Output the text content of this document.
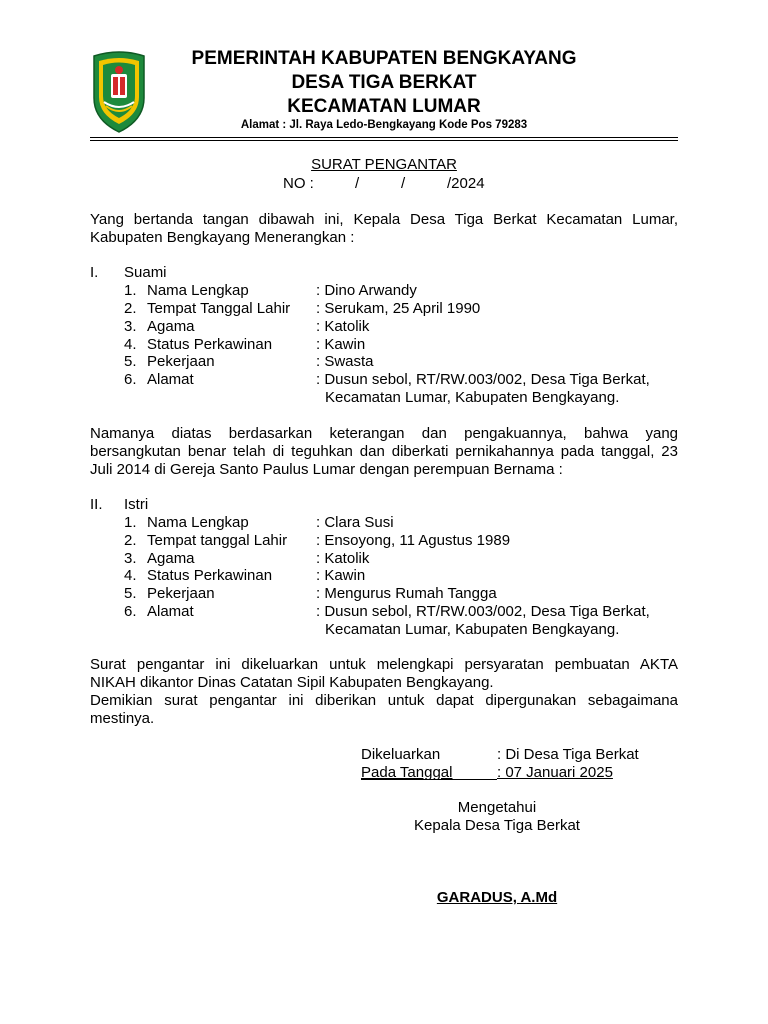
PEMERINTAH KABUPATEN BENGKAYANG
DESA TIGA BERKAT
KECAMATAN LUMAR
Alamat : Jl. Raya Ledo-Bengkayang Kode Pos 79283
SURAT PENGANTAR
NO :	/	/	/2024
Yang bertanda tangan dibawah ini, Kepala Desa Tiga Berkat Kecamatan Lumar,
Kabupaten Bengkayang Menerangkan :
I. Suami
1. Nama Lengkap	: Dino Arwandy
2. Tempat Tanggal Lahir : Serukam, 25 April 1990
3. Agama	: Katolik
4. Status Perkawinan	: Kawin
5. Pekerjaan	: Swasta
6. Alamat	: Dusun sebol, RT/RW.003/002, Desa Tiga Berkat,
Kecamatan Lumar, Kabupaten Bengkayang.
Namanya diatas berdasarkan keterangan dan pengakuannya, bahwa yang
bersangkutan benar telah di teguhkan dan diberkati pernikahannya pada tanggal, 23
Juli 2014 di Gereja Santo Paulus Lumar dengan perempuan Bernama :
II. Istri
1. Nama Lengkap	: Clara Susi
2. Tempat tanggal Lahir : Ensoyong, 11 Agustus 1989
3. Agama	: Katolik
4. Status Perkawinan	: Kawin
5. Pekerjaan	: Mengurus Rumah Tangga
6. Alamat	: Dusun sebol, RT/RW.003/002, Desa Tiga Berkat,
Kecamatan Lumar, Kabupaten Bengkayang.
Surat pengantar ini dikeluarkan untuk melengkapi persyaratan pembuatan AKTA
NIKAH dikantor Dinas Catatan Sipil Kabupaten Bengkayang.
Demikian surat pengantar ini diberikan untuk dapat dipergunakan sebagaimana
mestinya.
Dikeluarkan	: Di Desa Tiga Berkat
Pada Tanggal	: 07 Januari 2025
Mengetahui
Kepala Desa Tiga Berkat
GARADUS, A.Md
